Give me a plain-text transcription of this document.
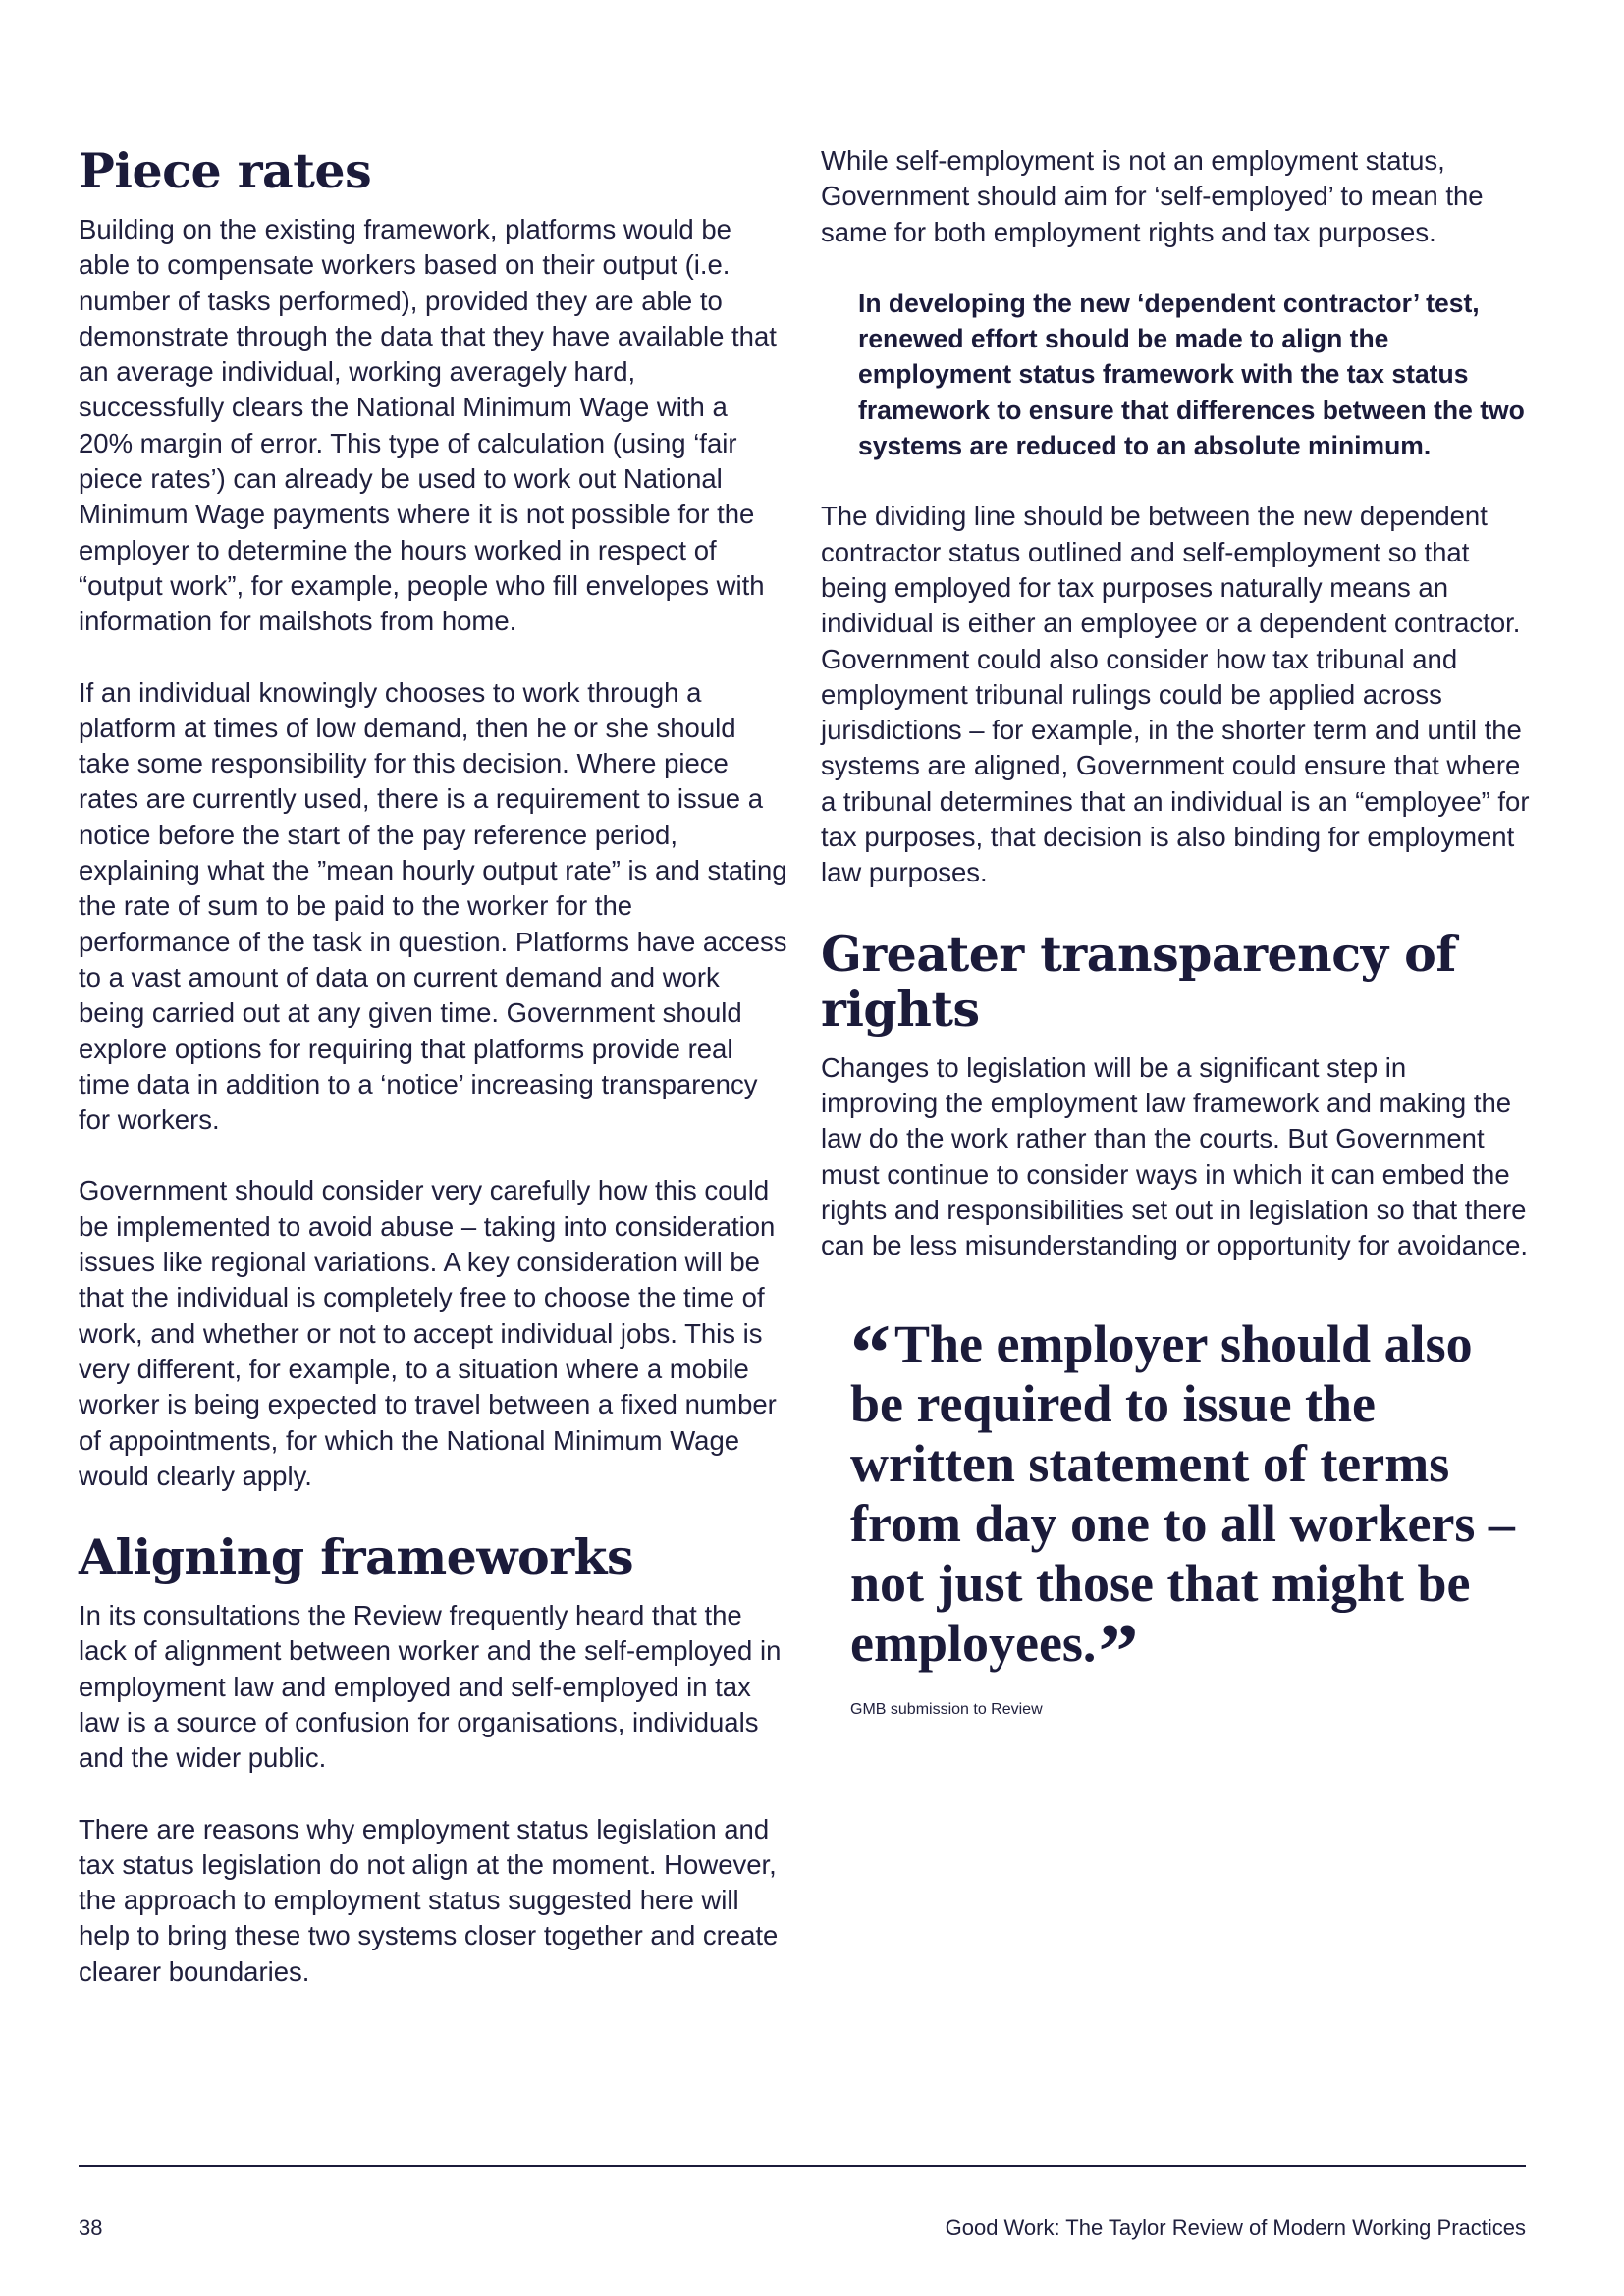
Piece rates

Building on the existing framework, platforms would be able to compensate workers based on their output (i.e. number of tasks performed), provided they are able to demonstrate through the data that they have available that an average individual, working averagely hard, successfully clears the National Minimum Wage with a 20% margin of error. This type of calculation (using ‘fair piece rates’) can already be used to work out National Minimum Wage payments where it is not possible for the employer to determine the hours worked in respect of “output work”, for example, people who fill envelopes with information for mailshots from home.

If an individual knowingly chooses to work through a platform at times of low demand, then he or she should take some responsibility for this decision. Where piece rates are currently used, there is a requirement to issue a notice before the start of the pay reference period, explaining what the ”mean hourly output rate” is and stating the rate of sum to be paid to the worker for the performance of the task in question. Platforms have access to a vast amount of data on current demand and work being carried out at any given time. Government should explore options for requiring that platforms provide real time data in addition to a ‘notice’ increasing transparency for workers.

Government should consider very carefully how this could be implemented to avoid abuse – taking into consideration issues like regional variations. A key consideration will be that the individual is completely free to choose the time of work, and whether or not to accept individual jobs. This is very different, for example, to a situation where a mobile worker is being expected to travel between a fixed number of appointments, for which the National Minimum Wage would clearly apply.

Aligning frameworks

In its consultations the Review frequently heard that the lack of alignment between worker and the self-employed in employment law and employed and self-employed in tax law is a source of confusion for organisations, individuals and the wider public.

There are reasons why employment status legislation and tax status legislation do not align at the moment. However, the approach to employment status suggested here will help to bring these two systems closer together and create clearer boundaries.

While self-employment is not an employment status, Government should aim for ‘self-employed’ to mean the same for both employment rights and tax purposes.

In developing the new ‘dependent contractor’ test, renewed effort should be made to align the employment status framework with the tax status framework to ensure that differences between the two systems are reduced to an absolute minimum.

The dividing line should be between the new dependent contractor status outlined and self-employment so that being employed for tax purposes naturally means an individual is either an employee or a dependent contractor. Government could also consider how tax tribunal and employment tribunal rulings could be applied across jurisdictions – for example, in the shorter term and until the systems are aligned, Government could ensure that where a tribunal determines that an individual is an “employee” for tax purposes, that decision is also binding for employment law purposes.

Greater transparency of rights

Changes to legislation will be a significant step in improving the employment law framework and making the law do the work rather than the courts. But Government must continue to consider ways in which it can embed the rights and responsibilities set out in legislation so that there can be less misunderstanding or opportunity for avoidance.

“The employer should also be required to issue the written statement of terms from day one to all workers – not just those that might be employees.”

GMB submission to Review
38	Good Work: The Taylor Review of Modern Working Practices
